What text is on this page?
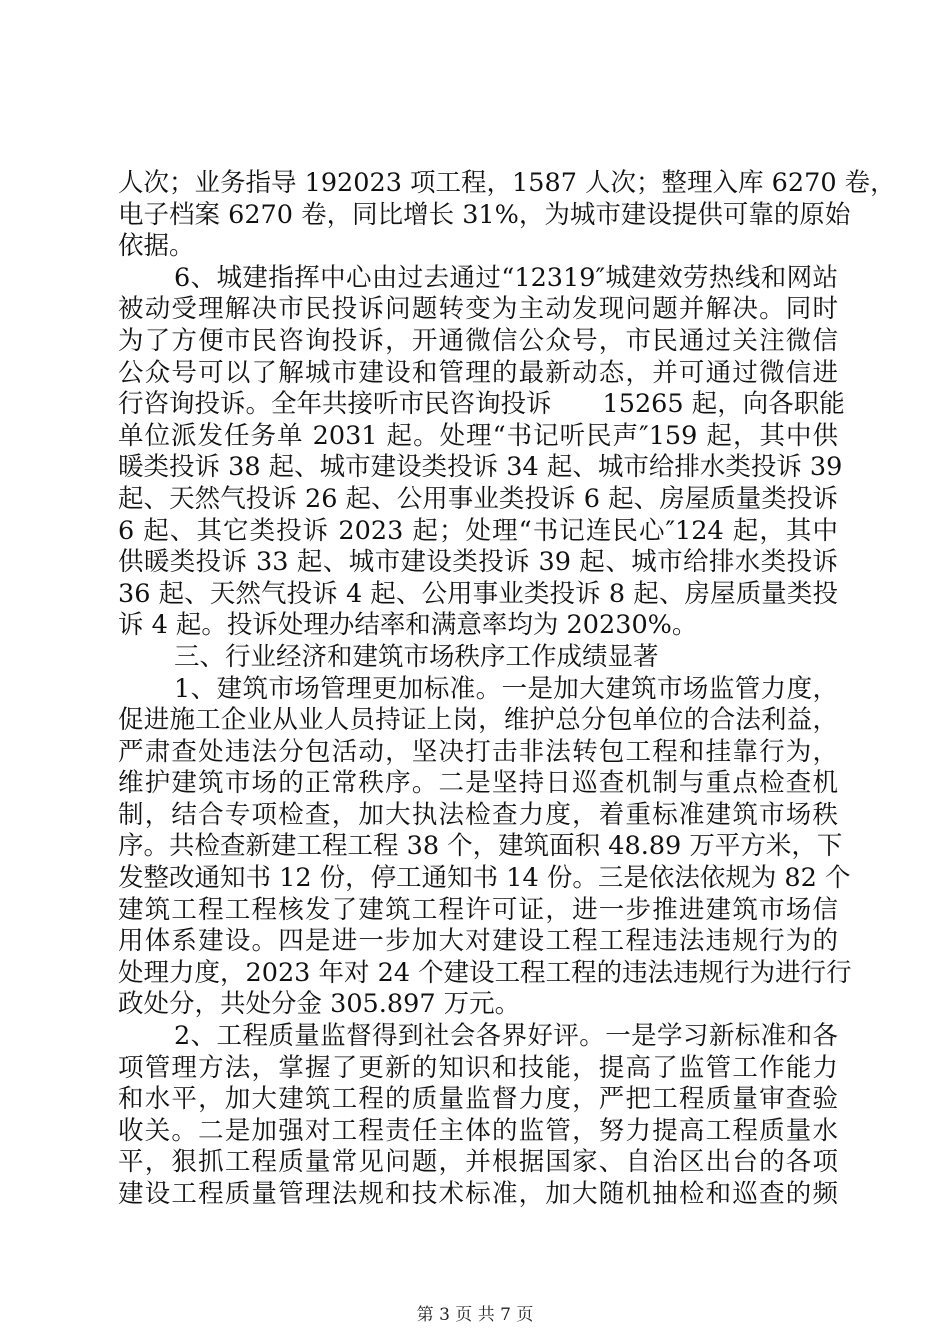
人次；业务指导 192023 项工程，1587 人次；整理入库 6270 卷，

电子档案 6270 卷，同比增长 31%，为城市建设提供可靠的原始

依据。

6、城建指挥中心由过去通过“12319″城建效劳热线和网站

被动受理解决市民投诉问题转变为主动发现问题并解决。同时

为了方便市民咨询投诉，开通微信公众号，市民通过关注微信

公众号可以了解城市建设和管理的最新动态，并可通过微信进

行咨询投诉。全年共接听市民咨询投诉　　15265 起，向各职能

单位派发任务单 2031 起。处理“书记听民声″159 起，其中供

暖类投诉 38 起、城市建设类投诉 34 起、城市给排水类投诉 39

起、天然气投诉 26 起、公用事业类投诉 6 起、房屋质量类投诉

6 起、其它类投诉 2023 起；处理“书记连民心″124 起，其中

供暖类投诉 33 起、城市建设类投诉 39 起、城市给排水类投诉

36 起、天然气投诉 4 起、公用事业类投诉 8 起、房屋质量类投

诉 4 起。投诉处理办结率和满意率均为 20230%。

三、行业经济和建筑市场秩序工作成绩显著

1、建筑市场管理更加标准。一是加大建筑市场监管力度，

促进施工企业从业人员持证上岗，维护总分包单位的合法利益，

严肃查处违法分包活动，坚决打击非法转包工程和挂靠行为，

维护建筑市场的正常秩序。二是坚持日巡查机制与重点检查机

制，结合专项检查，加大执法检查力度，着重标准建筑市场秩

序。共检查新建工程工程 38 个，建筑面积 48.89 万平方米，下

发整改通知书 12 份，停工通知书 14 份。三是依法依规为 82 个

建筑工程工程核发了建筑工程许可证，进一步推进建筑市场信

用体系建设。四是进一步加大对建设工程工程违法违规行为的

处理力度，2023 年对 24 个建设工程工程的违法违规行为进行行

政处分，共处分金 305.897 万元。

2、工程质量监督得到社会各界好评。一是学习新标准和各

项管理方法，掌握了更新的知识和技能，提高了监管工作能力

和水平，加大建筑工程的质量监督力度，严把工程质量审查验

收关。二是加强对工程责任主体的监管，努力提高工程质量水

平，狠抓工程质量常见问题，并根据国家、自治区出台的各项

建设工程质量管理法规和技术标准，加大随机抽检和巡查的频

第 3 页 共 7 页
